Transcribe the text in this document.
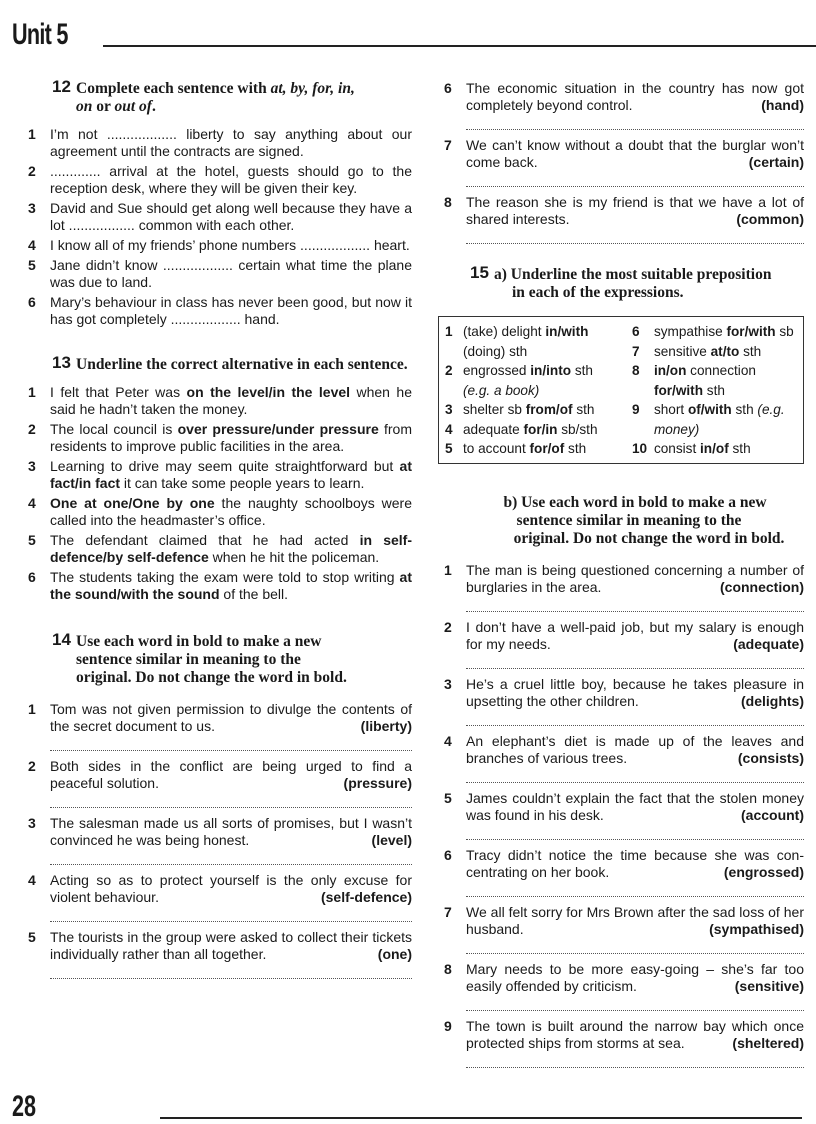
Unit 5
12 Complete each sentence with at, by, for, in,
on or out of.
1 I’m not .................. liberty to say anything about our agreement until the contracts are signed.
2 ............. arrival at the hotel, guests should go to the reception desk, where they will be given their key.
3 David and Sue should get along well because they have a lot ................. common with each other.
4 I know all of my friends’ phone numbers .................. heart.
5 Jane didn’t know .................. certain what time the plane was due to land.
6 Mary’s behaviour in class has never been good, but now it has got completely .................. hand.
13 Underline the correct alternative in each sentence.
1 I felt that Peter was on the level/in the level when he said he hadn’t taken the money.
2 The local council is over pressure/under pressure from residents to improve public facilities in the area.
3 Learning to drive may seem quite straightforward but at fact/in fact it can take some people years to learn.
4 One at one/One by one the naughty schoolboys were called into the headmaster’s office.
5 The defendant claimed that he had acted in self-defence/by self-defence when he hit the policeman.
6 The students taking the exam were told to stop writing at the sound/with the sound of the bell.
14 Use each word in bold to make a new
sentence similar in meaning to the
original. Do not change the word in bold.
1 Tom was not given permission to divulge the contents of the secret document to us.	(liberty)
2 Both sides in the conflict are being urged to find a peaceful solution.	(pressure)
3 The salesman made us all sorts of promises, but I wasn’t convinced he was being honest.	(level)
4 Acting so as to protect yourself is the only excuse for violent behaviour.	(self-defence)
5 The tourists in the group were asked to collect their tickets individually rather than all together.	(one)
6 The economic situation in the country has now got completely beyond control.	(hand)
7 We can’t know without a doubt that the burglar won’t come back.	(certain)
8 The reason she is my friend is that we have a lot of shared interests.	(common)
15 a) Underline the most suitable preposition
in each of the expressions.
1 (take) delight in/with
(doing) sth
2 engrossed in/into sth
(e.g. a book)
3 shelter sb from/of sth
4 adequate for/in sb/sth
5 to account for/of sth
6 sympathise for/with sb
7 sensitive at/to sth
8 in/on connection
for/with sth
9 short of/with sth (e.g.
money)
10 consist in/of sth
b) Use each word in bold to make a new
sentence similar in meaning to the
original. Do not change the word in bold.
1 The man is being questioned concerning a number of burglaries in the area.	(connection)
2 I don’t have a well-paid job, but my salary is enough for my needs.	(adequate)
3 He’s a cruel little boy, because he takes pleasure in upsetting the other children.	(delights)
4 An elephant’s diet is made up of the leaves and branches of various trees.	(consists)
5 James couldn’t explain the fact that the stolen money was found in his desk.	(account)
6 Tracy didn’t notice the time because she was con-centrating on her book.	(engrossed)
7 We all felt sorry for Mrs Brown after the sad loss of her husband.	(sympathised)
8 Mary needs to be more easy-going – she’s far too easily offended by criticism.	(sensitive)
9 The town is built around the narrow bay which once protected ships from storms at sea.	(sheltered)
28
